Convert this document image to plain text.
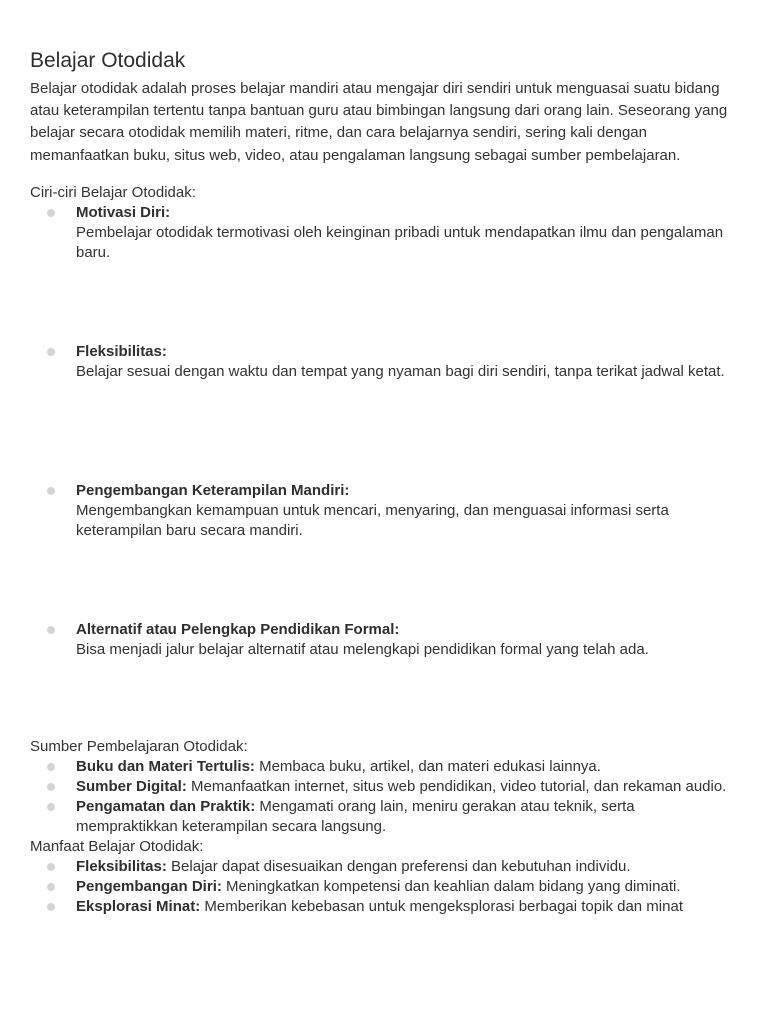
Belajar Otodidak

Belajar otodidak adalah proses belajar mandiri atau mengajar diri sendiri untuk menguasai suatu bidang atau keterampilan tertentu tanpa bantuan guru atau bimbingan langsung dari orang lain. Seseorang yang belajar secara otodidak memilih materi, ritme, dan cara belajarnya sendiri, sering kali dengan memanfaatkan buku, situs web, video, atau pengalaman langsung sebagai sumber pembelajaran.

Ciri-ciri Belajar Otodidak:

Motivasi Diri:
Pembelajar otodidak termotivasi oleh keinginan pribadi untuk mendapatkan ilmu dan pengalaman baru.
Fleksibilitas:
Belajar sesuai dengan waktu dan tempat yang nyaman bagi diri sendiri, tanpa terikat jadwal ketat.
Pengembangan Keterampilan Mandiri:
Mengembangkan kemampuan untuk mencari, menyaring, dan menguasai informasi serta keterampilan baru secara mandiri.
Alternatif atau Pelengkap Pendidikan Formal:
Bisa menjadi jalur belajar alternatif atau melengkapi pendidikan formal yang telah ada.

Sumber Pembelajaran Otodidak:

Buku dan Materi Tertulis: Membaca buku, artikel, dan materi edukasi lainnya.
Sumber Digital: Memanfaatkan internet, situs web pendidikan, video tutorial, dan rekaman audio.
Pengamatan dan Praktik: Mengamati orang lain, meniru gerakan atau teknik, serta mempraktikkan keterampilan secara langsung.

Manfaat Belajar Otodidak:

Fleksibilitas: Belajar dapat disesuaikan dengan preferensi dan kebutuhan individu.
Pengembangan Diri: Meningkatkan kompetensi dan keahlian dalam bidang yang diminati.
Eksplorasi Minat: Memberikan kebebasan untuk mengeksplorasi berbagai topik dan minat
